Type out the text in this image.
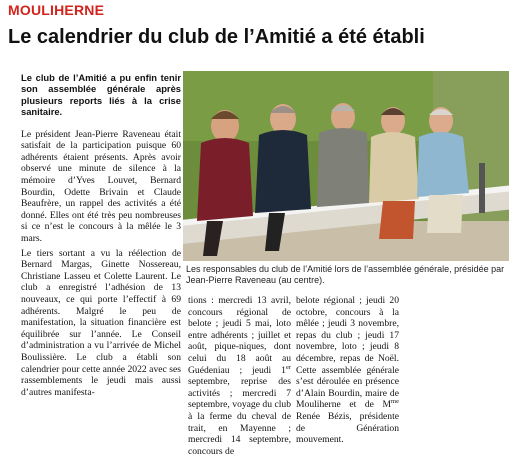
MOULIHERNE
Le calendrier du club de l’Amitié a été établi

Le club de l’Amitié a pu enfin tenir son assemblée générale après plusieurs reports liés à la crise sanitaire.

Le président Jean-Pierre Raveneau était satisfait de la participation puisque 60 adhérents étaient présents. Après avoir observé une minute de silence à la mémoire d’Yves Louvet, Bernard Bourdin, Odette Brivain et Claude Beaufrère, un rappel des activités a été donné. Elles ont été très peu nombreuses si ce n’est le concours à la mêlée le 3 mars.

Le tiers sortant a vu la réélection de Bernard Margas, Ginette Nossereau, Christiane Lasseu et Colette Laurent. Le club a enregistré l’adhésion de 13 nouveaux, ce qui porte l’effectif à 69 adhérents. Malgré le peu de manifestation, la situation financière est équilibrée sur l’année. Le Conseil d’administration a vu l’arrivée de Michel Boulissière. Le club a établi son calendrier pour cette année 2022 avec ses rassemblements le jeudi mais aussi d’autres manifesta-

Les responsables du club de l’Amitié lors de l’assemblée générale, présidée par Jean-Pierre Raveneau (au centre).

tions : mercredi 13 avril, concours régional de belote ; jeudi 5 mai, loto entre adhérents ; juillet et août, pique-niques, dont celui du 18 août au Guédeniau ; jeudi 1er septembre, reprise des activités ; mercredi 7 septembre, voyage du club à la ferme du cheval de trait, en Mayenne ; mercredi 14 septembre, concours de

belote régional ; jeudi 20 octobre, concours à la mêlée ; jeudi 3 novembre, repas du club ; jeudi 17 novembre, loto ; jeudi 8 décembre, repas de Noël. Cette assemblée générale s’est déroulée en présence d’Alain Bourdin, maire de Mouliherne et de $M^{me}$ Renée Bézis, présidente de Génération mouvement.
